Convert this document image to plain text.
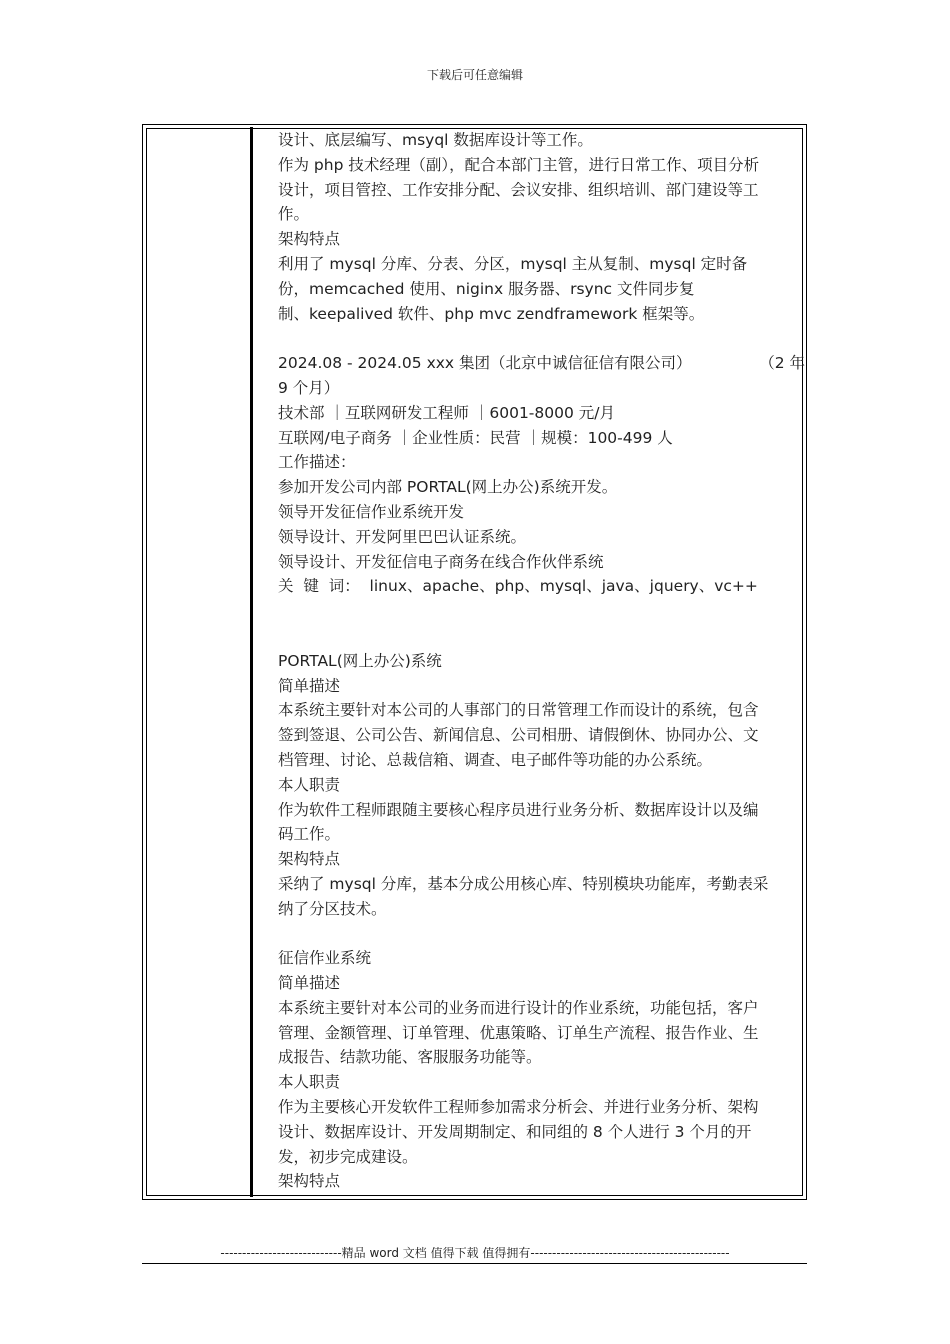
下载后可任意编辑
设计、底层编写、msyql 数据库设计等工作。
作为 php 技术经理（副），配合本部门主管，进行日常工作、项目分析
设计，项目管控、工作安排分配、会议安排、组织培训、部门建设等工
作。
架构特点
利用了 mysql 分库、分表、分区，mysql 主从复制、mysql 定时备
份，memcached 使用、niginx 服务器、rsync 文件同步复
制、keepalived 软件、php mvc zendframework 框架等。
2024.08 - 2024.05 xxx 集团（北京中诚信征信有限公司）	（2 年
9 个月）
技术部 ｜互联网研发工程师 ｜6001-8000 元/月
互联网/电子商务 ｜企业性质：民营 ｜规模：100-499 人
工作描述：
参加开发公司内部 PORTAL(网上办公)系统开发。
领导开发征信作业系统开发
领导设计、开发阿里巴巴认证系统。
领导设计、开发征信电子商务在线合作伙伴系统
关  键  词：  linux、apache、php、mysql、java、jquery、vc++
PORTAL(网上办公)系统
简单描述
本系统主要针对本公司的人事部门的日常管理工作而设计的系统，包含
签到签退、公司公告、新闻信息、公司相册、请假倒休、协同办公、文
档管理、讨论、总裁信箱、调查、电子邮件等功能的办公系统。
本人职责
作为软件工程师跟随主要核心程序员进行业务分析、数据库设计以及编
码工作。
架构特点
采纳了 mysql 分库，基本分成公用核心库、特别模块功能库，考勤表采
纳了分区技术。
征信作业系统
简单描述
本系统主要针对本公司的业务而进行设计的作业系统，功能包括，客户
管理、金额管理、订单管理、优惠策略、订单生产流程、报告作业、生
成报告、结款功能、客服服务功能等。
本人职责
作为主要核心开发软件工程师参加需求分析会、并进行业务分析、架构
设计、数据库设计、开发周期制定、和同组的 8 个人进行 3 个月的开
发，初步完成建设。
架构特点
----------------------------精品 word 文档 值得下载 值得拥有----------------------------------------------
